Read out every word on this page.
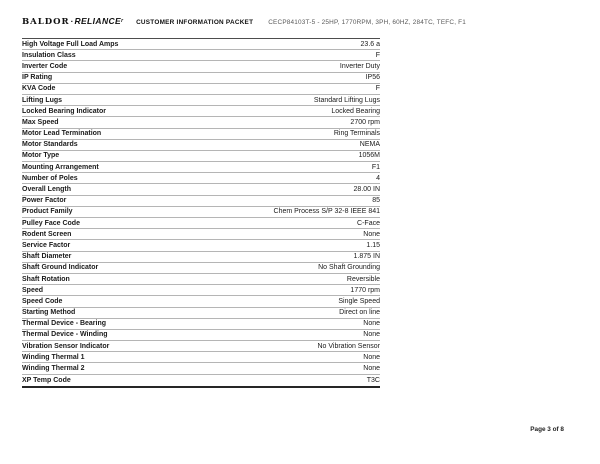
BALDOR · RELIANCE r CUSTOMER INFORMATION PACKET CECP84103T-5 - 25HP, 1770RPM, 3PH, 60HZ, 284TC, TEFC, F1
High Voltage Full Load Amps	23.6 a
Insulation Class	F
Inverter Code	Inverter Duty
IP Rating	IP56
KVA Code	F
Lifting Lugs	Standard Lifting Lugs
Locked Bearing Indicator	Locked Bearing
Max Speed	2700 rpm
Motor Lead Termination	Ring Terminals
Motor Standards	NEMA
Motor Type	1056M
Mounting Arrangement	F1
Number of Poles	4
Overall Length	28.00 IN
Power Factor	85
Product Family	Chem Process S/P 32-8 IEEE 841
Pulley Face Code	C-Face
Rodent Screen	None
Service Factor	1.15
Shaft Diameter	1.875 IN
Shaft Ground Indicator	No Shaft Grounding
Shaft Rotation	Reversible
Speed	1770 rpm
Speed Code	Single Speed
Starting Method	Direct on line
Thermal Device - Bearing	None
Thermal Device - Winding	None
Vibration Sensor Indicator	No Vibration Sensor
Winding Thermal 1	None
Winding Thermal 2	None
XP Temp Code	T3C
Page 3 of 8
